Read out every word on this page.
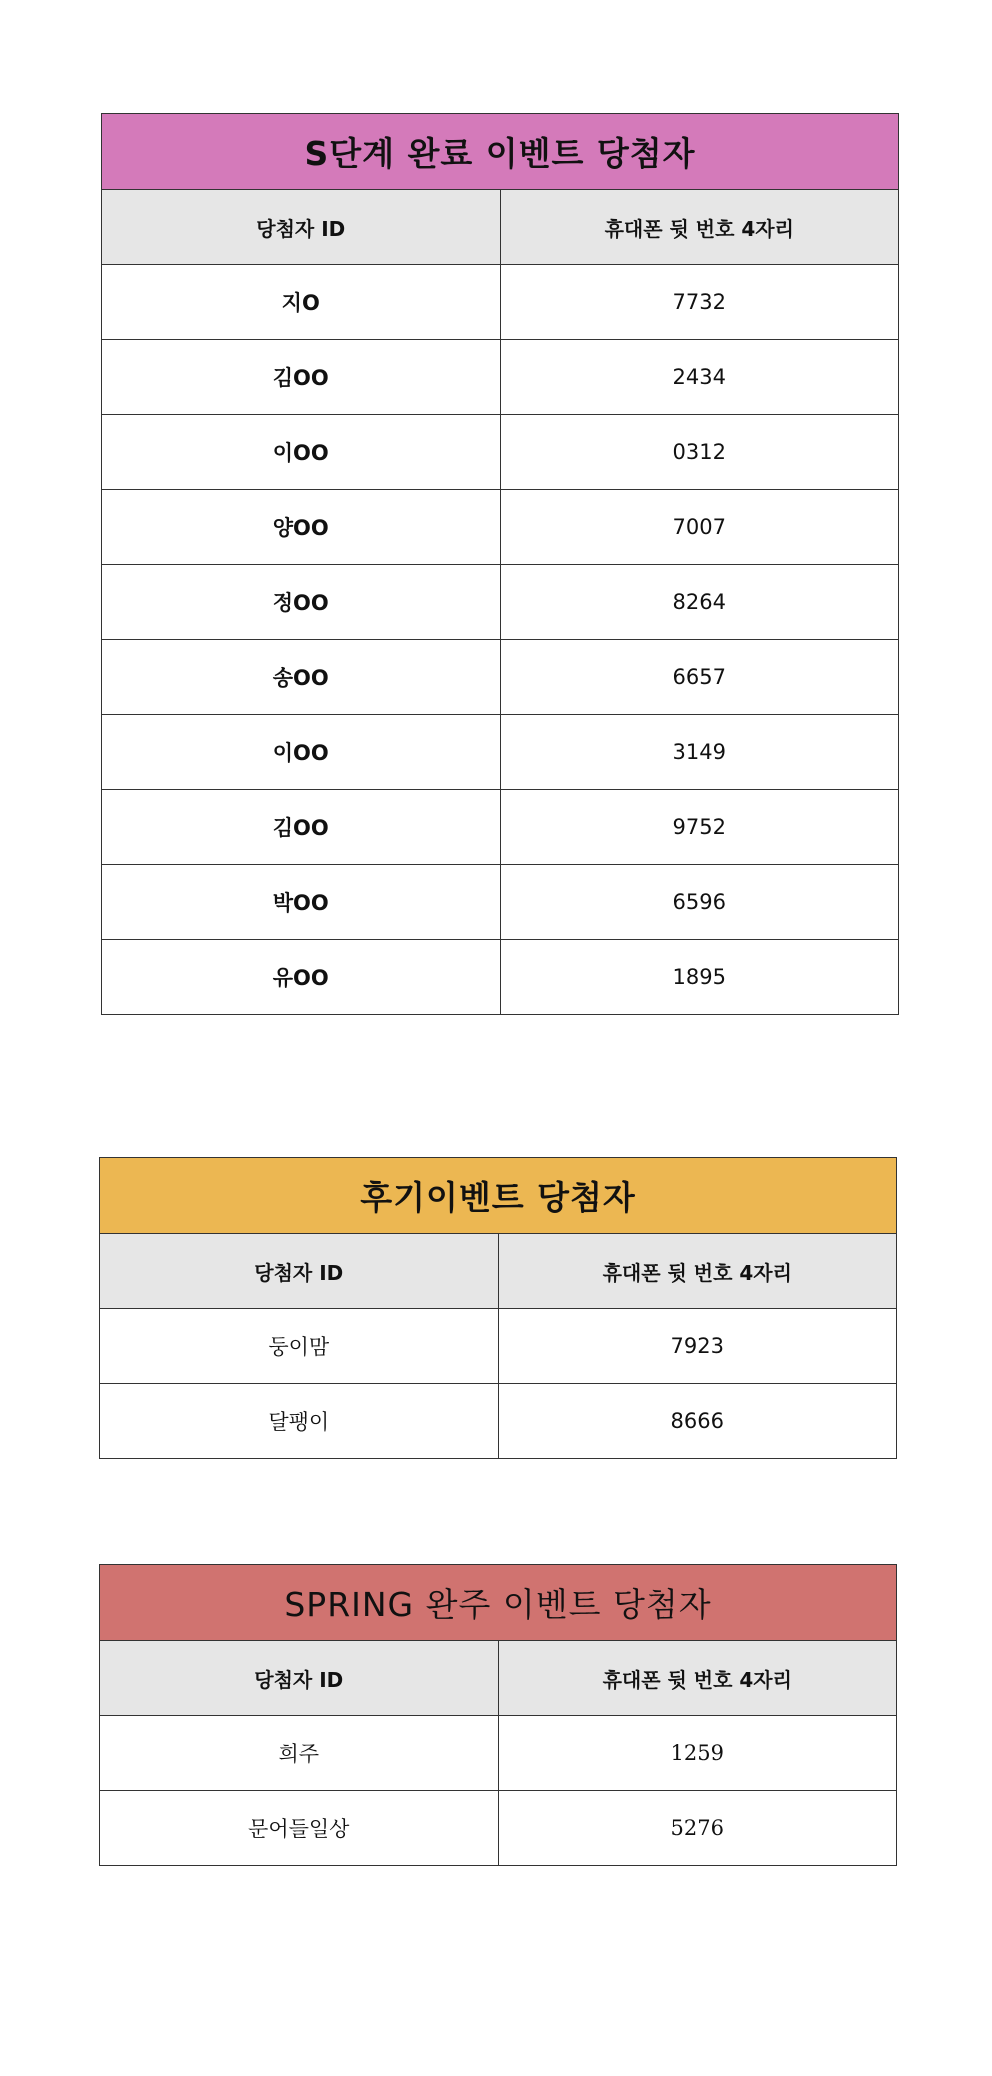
S단계 완료 이벤트 당첨자	
당첨자 ID	휴대폰 뒷 번호 4자리
지O	7732
김OO	2434
이OO	0312
양OO	7007
정OO	8264
송OO	6657
이OO	3149
김OO	9752
박OO	6596
유OO	1895
후기이벤트 당첨자	
당첨자 ID	휴대폰 뒷 번호 4자리
둥이맘	7923
달팽이	8666
SPRING 완주 이벤트 당첨자	
당첨자 ID	휴대폰 뒷 번호 4자리
희주	1259
문어들일상	5276
